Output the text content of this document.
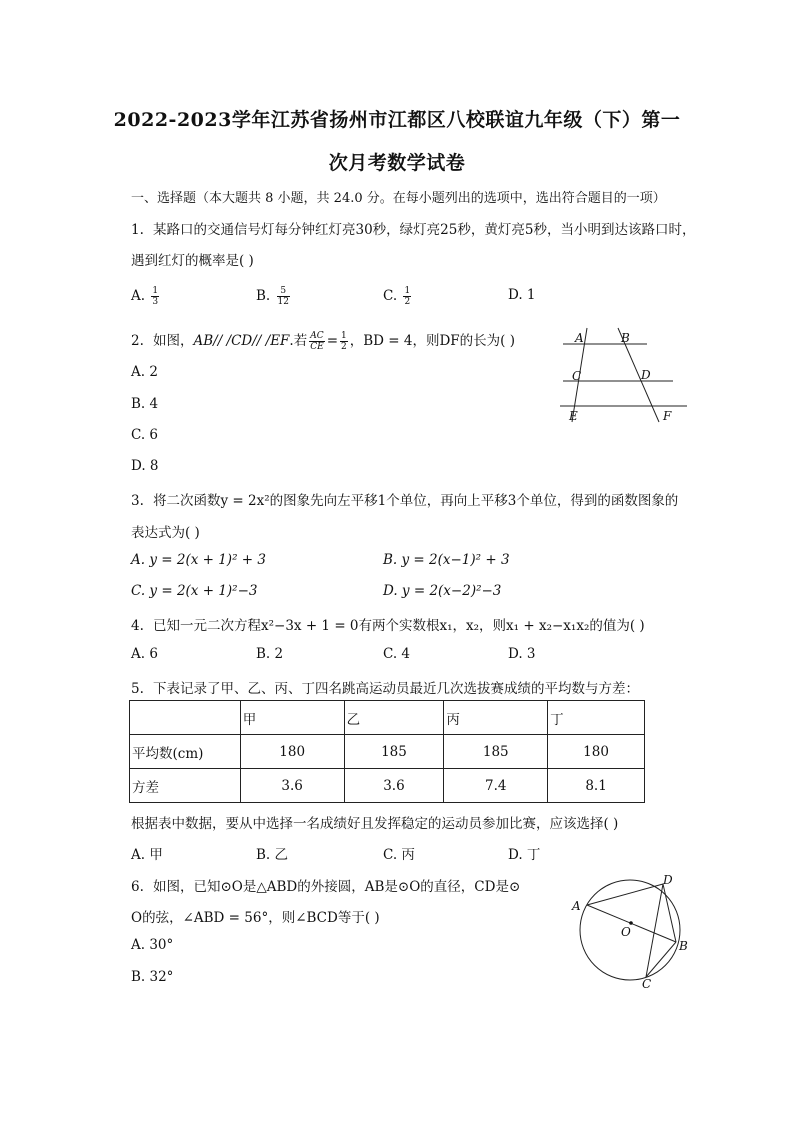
2022-2023学年江苏省扬州市江都区八校联谊九年级（下）第一
次月考数学试卷
一、选择题（本大题共 8 小题，共 24.0 分。在每小题列出的选项中，选出符合题目的一项）
1. 某路口的交通信号灯每分钟红灯亮30秒，绿灯亮25秒，黄灯亮5秒，当小明到达该路口时，
遇到红灯的概率是( )
A. $\frac{1}{3}$	B. $\frac{5}{12}$	C. $\frac{1}{2}$	D. 1
2. 如图，AB// /CD// /EF.若 $\frac{AC}{CE} = \frac{1}{2}$ ，BD = 4，则DF的长为( )
A. 2
B. 4
C. 6
D. 8
A	B
C	D
E	F
3. 将二次函数y = 2x²的图象先向左平移1个单位，再向上平移3个单位，得到的函数图象的
表达式为( )
A. y = 2(x + 1)² + 3	B. y = 2(x−1)² + 3
C. y = 2(x + 1)²−3	D. y = 2(x−2)²−3
4. 已知一元二次方程x²−3x + 1 = 0有两个实数根x₁，x₂，则x₁ + x₂−x₁x₂的值为( )
A. 6	B. 2	C. 4	D. 3
5. 下表记录了甲、乙、丙、丁四名跳高运动员最近几次选拔赛成绩的平均数与方差：
	甲	乙	丙	丁
平均数(cm)	180	185	185	180
方差	3.6	3.6	7.4	8.1
根据表中数据，要从中选择一名成绩好且发挥稳定的运动员参加比赛，应该选择( )
A. 甲	B. 乙	C. 丙	D. 丁
6. 如图，已知⊙O是△ABD的外接圆，AB是⊙O的直径，CD是⊙
O的弦，∠ABD = 56°，则∠BCD等于( )
A. 30°
B. 32°
A
B
C
D
O
